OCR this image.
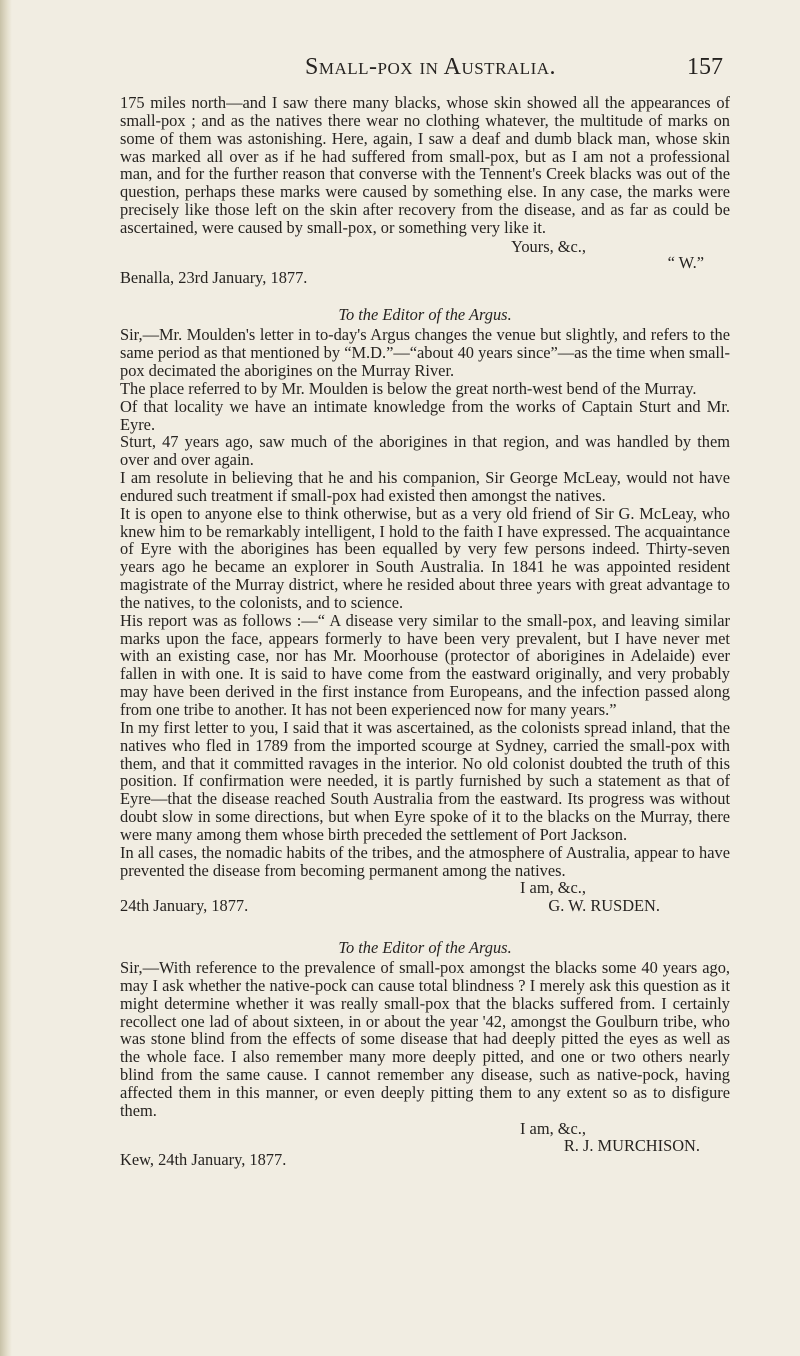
Small-pox in Australia.	157

175 miles north—and I saw there many blacks, whose skin showed all the appearances of small-pox ; and as the natives there wear no clothing whatever, the multitude of marks on some of them was astonishing. Here, again, I saw a deaf and dumb black man, whose skin was marked all over as if he had suffered from small-pox, but as I am not a professional man, and for the further reason that converse with the Tennent's Creek blacks was out of the question, perhaps these marks were caused by something else. In any case, the marks were precisely like those left on the skin after recovery from the disease, and as far as could be ascertained, were caused by small-pox, or something very like it.

Yours, &c.,

“ W.”

Benalla, 23rd January, 1877.

To the Editor of the Argus.

Sir,—Mr. Moulden's letter in to-day's Argus changes the venue but slightly, and refers to the same period as that mentioned by “M.D.”—“about 40 years since”—as the time when small-pox decimated the aborigines on the Murray River.

The place referred to by Mr. Moulden is below the great north-west bend of the Murray.

Of that locality we have an intimate knowledge from the works of Captain Sturt and Mr. Eyre.

Sturt, 47 years ago, saw much of the aborigines in that region, and was handled by them over and over again.

I am resolute in believing that he and his companion, Sir George McLeay, would not have endured such treatment if small-pox had existed then amongst the natives.

It is open to anyone else to think otherwise, but as a very old friend of Sir G. McLeay, who knew him to be remarkably intelligent, I hold to the faith I have expressed. The acquaintance of Eyre with the aborigines has been equalled by very few persons indeed. Thirty-seven years ago he became an explorer in South Australia. In 1841 he was appointed resident magistrate of the Murray district, where he resided about three years with great advantage to the natives, to the colonists, and to science.

His report was as follows :—“ A disease very similar to the small-pox, and leaving similar marks upon the face, appears formerly to have been very prevalent, but I have never met with an existing case, nor has Mr. Moorhouse (protector of aborigines in Adelaide) ever fallen in with one. It is said to have come from the eastward originally, and very probably may have been derived in the first instance from Europeans, and the infection passed along from one tribe to another. It has not been experienced now for many years.”

In my first letter to you, I said that it was ascertained, as the colonists spread inland, that the natives who fled in 1789 from the imported scourge at Sydney, carried the small-pox with them, and that it committed ravages in the interior. No old colonist doubted the truth of this position. If confirmation were needed, it is partly furnished by such a statement as that of Eyre—that the disease reached South Australia from the eastward. Its progress was without doubt slow in some directions, but when Eyre spoke of it to the blacks on the Murray, there were many among them whose birth preceded the settlement of Port Jackson.

In all cases, the nomadic habits of the tribes, and the atmosphere of Australia, appear to have prevented the disease from becoming permanent among the natives.

I am, &c.,

G. W. RUSDEN.

24th January, 1877.

To the Editor of the Argus.

Sir,—With reference to the prevalence of small-pox amongst the blacks some 40 years ago, may I ask whether the native-pock can cause total blindness ? I merely ask this question as it might determine whether it was really small-pox that the blacks suffered from. I certainly recollect one lad of about sixteen, in or about the year '42, amongst the Goulburn tribe, who was stone blind from the effects of some disease that had deeply pitted the eyes as well as the whole face. I also remember many more deeply pitted, and one or two others nearly blind from the same cause. I cannot remember any disease, such as native-pock, having affected them in this manner, or even deeply pitting them to any extent so as to disfigure them.

I am, &c.,

R. J. MURCHISON.

Kew, 24th January, 1877.
